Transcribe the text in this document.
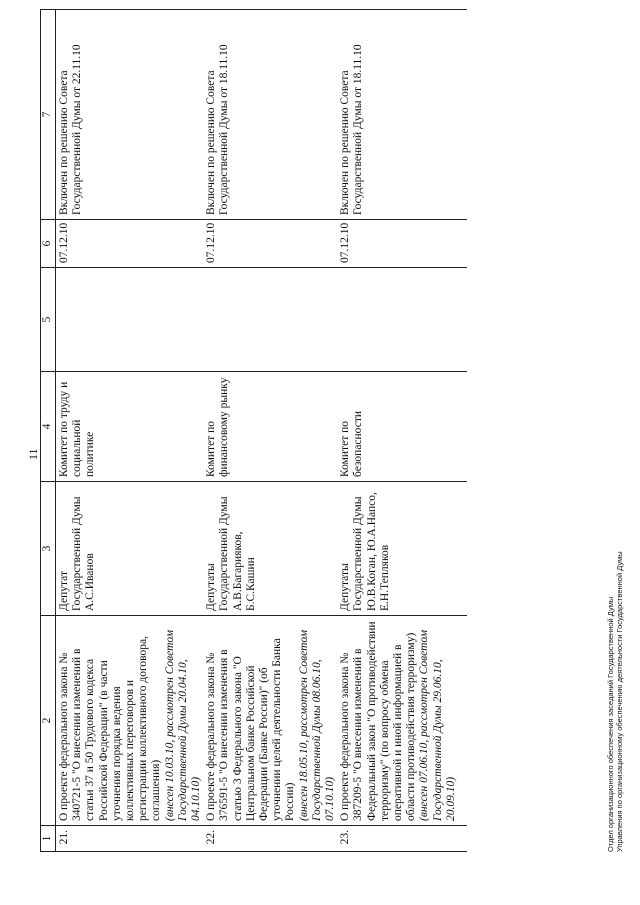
11
1	2	3	4	5	6	7
21.	О проекте федерального закона № 340721-5 "О внесении изменений в статьи 37 и 50 Трудового кодекса Российской Федерации" (в части уточнения порядка ведения коллективных переговоров и регистрации коллективного договора, соглашения) (внесен 10.03.10, рассмотрен Советом Государственной Думы 20.04.10, 04.10.10)	Депутат Государственной Думы А.С.Иванов	Комитет по труду и социальной политике		07.12.10	Включен по решению Совета Государственной Думы от 22.11.10
22.	О проекте федерального закона № 376591-5 "О внесении изменения в статью 3 Федерального закона "О Центральном банке Российской Федерации (Банке России)" (об уточнении целей деятельности Банка России) (внесен 18.05.10, рассмотрен Советом Государственной Думы 08.06.10, 07.10.10)	Депутаты Государственной Думы А.В.Багарияков, Б.С.Кашин	Комитет по финансовому рынку		07.12.10	Включен по решению Совета Государственной Думы от 18.11.10
23.	О проекте федерального закона № 387209-5 "О внесении изменений в Федеральный закон "О противодействии терроризму" (по вопросу обмена оперативной и иной информацией в области противодействия терроризму) (внесен 07.06.10, рассмотрен Советом Государственной Думы 29.06.10, 20.09.10)	Депутаты Государственной Думы Ю.В.Коган, Ю.А.Напсо, Е.Н.Тепляков	Комитет по безопасности		07.12.10	Включен по решению Совета Государственной Думы от 18.11.10
Отдел организационного обеспечения заседаний Государственной Думы Управления по организационному обеспечению деятельности Государственной Думы
